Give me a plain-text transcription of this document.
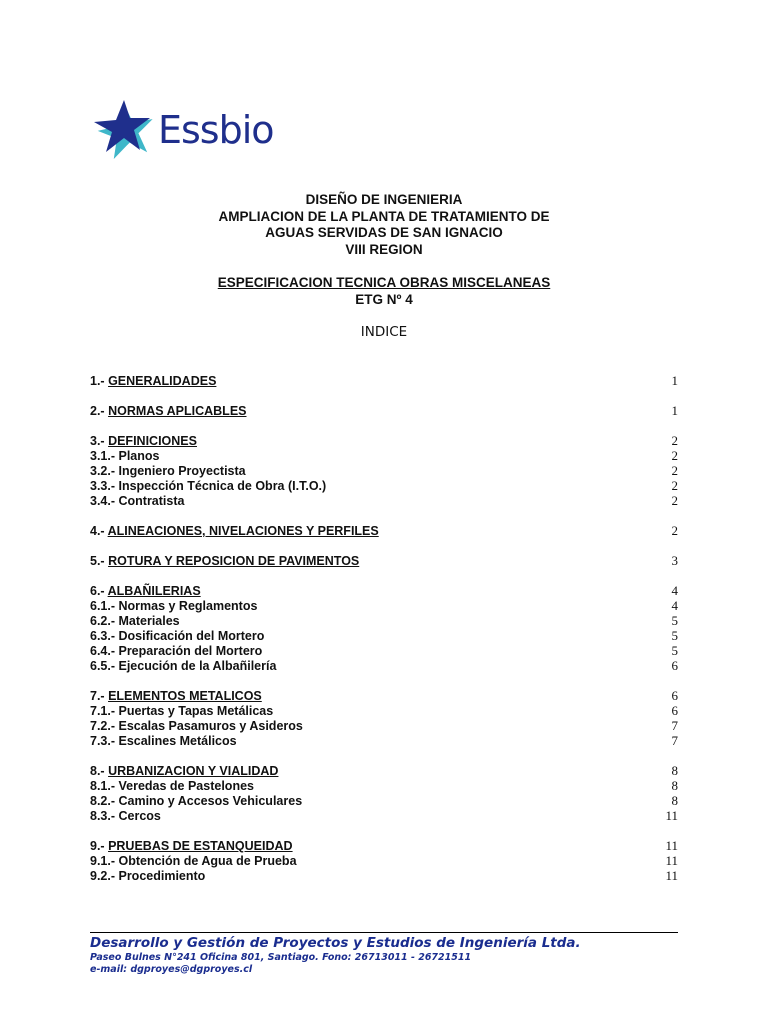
Essbio
DISEÑO DE INGENIERIA
AMPLIACION DE LA PLANTA DE TRATAMIENTO DE
AGUAS SERVIDAS DE SAN IGNACIO
VIII REGION
ESPECIFICACION TECNICA OBRAS MISCELANEAS
ETG Nº 4
INDICE
1.- GENERALIDADES	1
2.- NORMAS APLICABLES	1
3.- DEFINICIONES	2
3.1.- Planos	2
3.2.- Ingeniero Proyectista	2
3.3.- Inspección Técnica de Obra (I.T.O.)	2
3.4.- Contratista	2
4.- ALINEACIONES, NIVELACIONES Y PERFILES	2
5.- ROTURA Y REPOSICION DE PAVIMENTOS	3
6.- ALBAÑILERIAS	4
6.1.- Normas y Reglamentos	4
6.2.- Materiales	5
6.3.- Dosificación del Mortero	5
6.4.- Preparación del Mortero	5
6.5.- Ejecución de la Albañilería	6
7.- ELEMENTOS METALICOS	6
7.1.- Puertas y Tapas Metálicas	6
7.2.- Escalas Pasamuros y Asideros	7
7.3.- Escalines Metálicos	7
8.- URBANIZACION Y VIALIDAD	8
8.1.- Veredas de Pastelones	8
8.2.- Camino y Accesos Vehiculares	8
8.3.- Cercos	11
9.- PRUEBAS DE ESTANQUEIDAD	11
9.1.- Obtención de Agua de Prueba	11
9.2.- Procedimiento	11
Desarrollo y Gestión de Proyectos y Estudios de Ingeniería Ltda.
Paseo Bulnes N°241 Oficina 801, Santiago. Fono: 26713011 - 26721511
e-mail: dgproyes@dgproyes.cl
